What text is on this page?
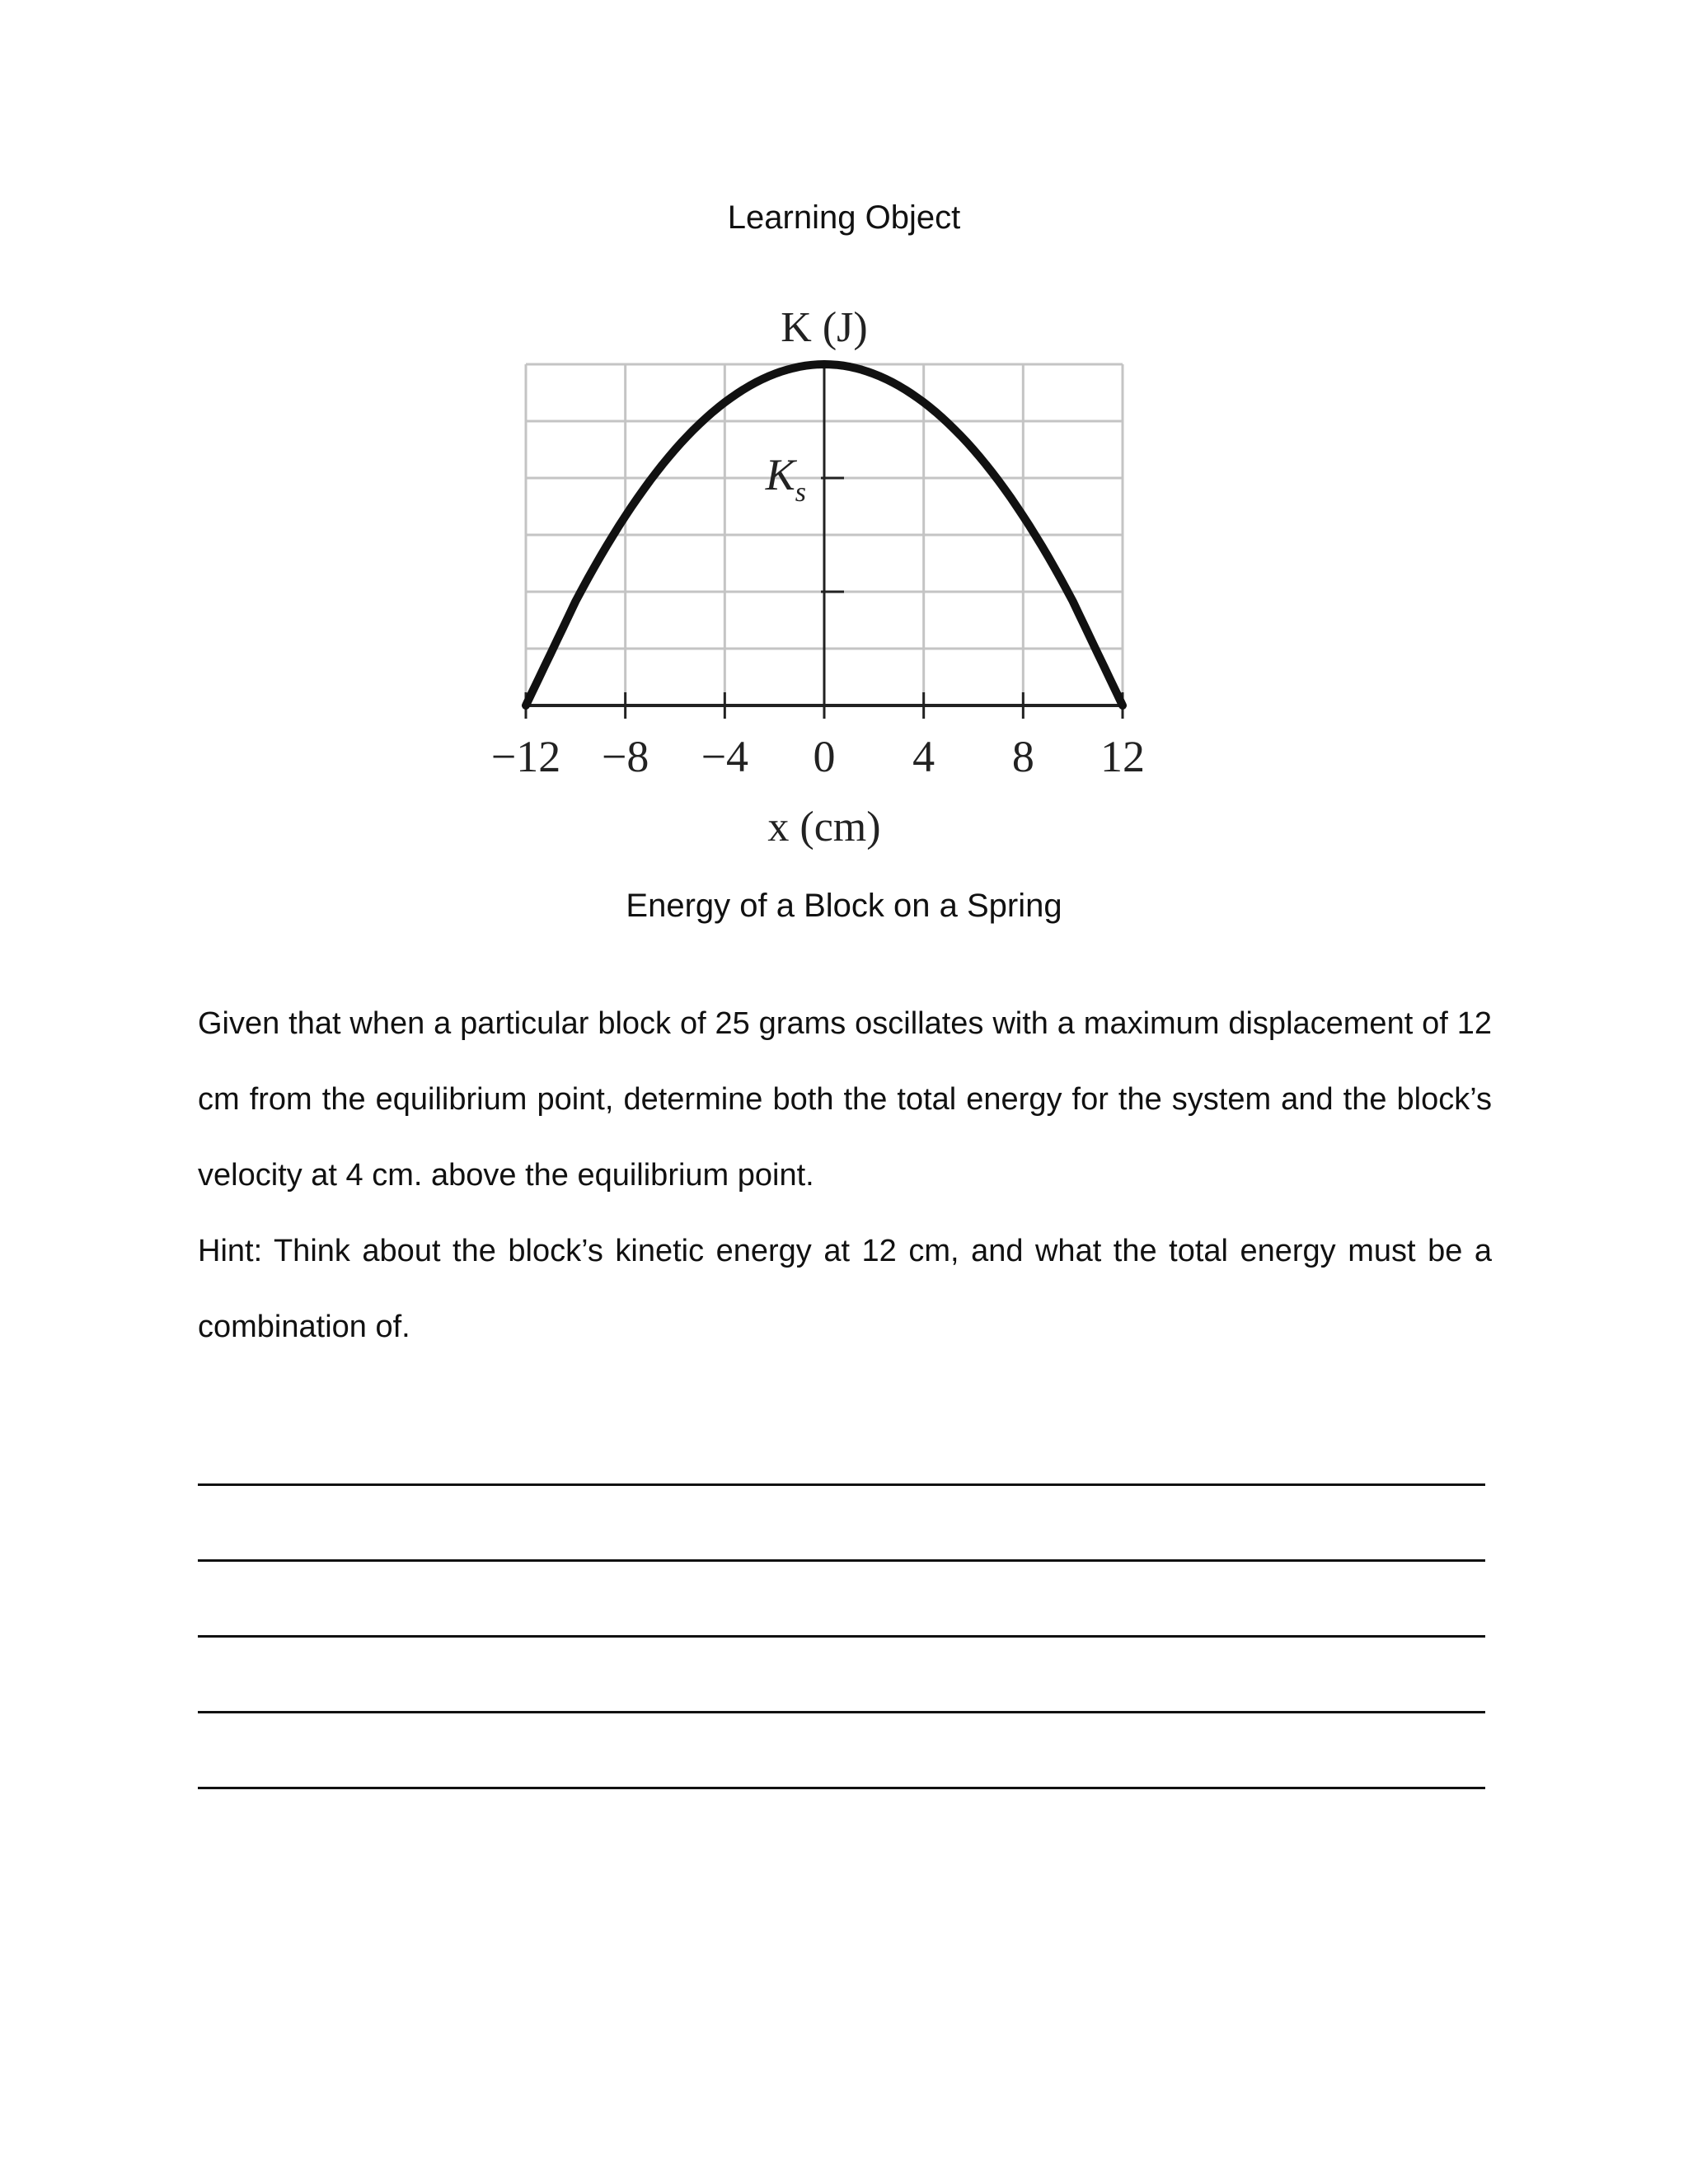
Learning Object
−12 −8 −4 0 4 8 12
$K_s$
K (J)
x (cm)
Energy of a Block on a Spring

Given that when a particular block of 25 grams oscillates with a maximum displacement of 12 cm from the equilibrium point, determine both the total energy for the system and the block’s velocity at 4 cm. above the equilibrium point.

Hint: Think about the block’s kinetic energy at 12 cm, and what the total energy must be a combination of.
